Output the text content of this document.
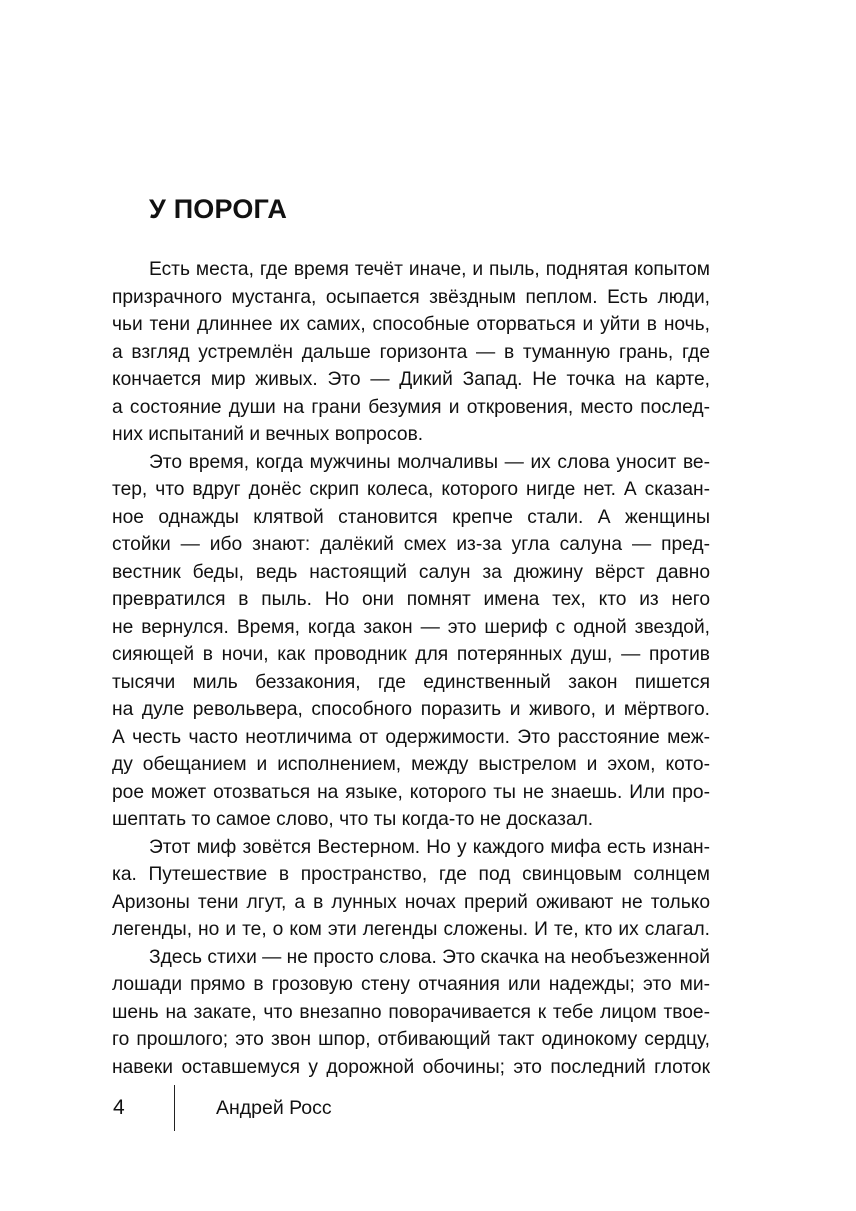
У ПОРОГА
Есть места, где время течёт иначе, и пыль, поднятая копытом
призрачного мустанга, осыпается звёздным пеплом. Есть люди,
чьи тени длиннее их самих, способные оторваться и уйти в ночь,
а взгляд устремлён дальше горизонта — в туманную грань, где
кончается мир живых. Это — Дикий Запад. Не точка на карте,
а состояние души на грани безумия и откровения, место послед-
них испытаний и вечных вопросов.
Это время, когда мужчины молчаливы — их слова уносит ве-
тер, что вдруг донёс скрип колеса, которого нигде нет. А сказан-
ное однажды клятвой становится крепче стали. А женщины
стойки — ибо знают: далёкий смех из-за угла салуна — пред-
вестник беды, ведь настоящий салун за дюжину вёрст давно
превратился в пыль. Но они помнят имена тех, кто из него
не вернулся. Время, когда закон — это шериф с одной звездой,
сияющей в ночи, как проводник для потерянных душ, — против
тысячи миль беззакония, где единственный закон пишется
на дуле револьвера, способного поразить и живого, и мёртвого.
А честь часто неотличима от одержимости. Это расстояние меж-
ду обещанием и исполнением, между выстрелом и эхом, кото-
рое может отозваться на языке, которого ты не знаешь. Или про-
шептать то самое слово, что ты когда-то не досказал.
Этот миф зовётся Вестерном. Но у каждого мифа есть изнан-
ка. Путешествие в пространство, где под свинцовым солнцем
Аризоны тени лгут, а в лунных ночах прерий оживают не только
легенды, но и те, о ком эти легенды сложены. И те, кто их слагал.
Здесь стихи — не просто слова. Это скачка на необъезженной
лошади прямо в грозовую стену отчаяния или надежды; это ми-
шень на закате, что внезапно поворачивается к тебе лицом твое-
го прошлого; это звон шпор, отбивающий такт одинокому сердцу,
навеки оставшемуся у дорожной обочины; это последний глоток
4	Андрей Росс
